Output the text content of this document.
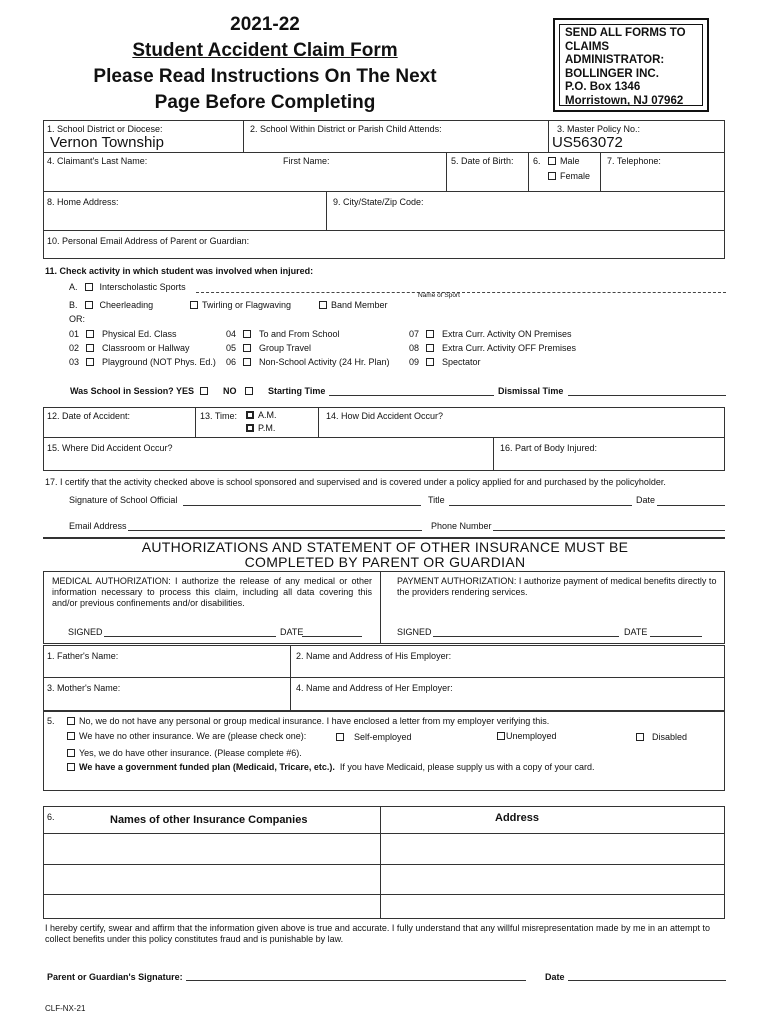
2021-22
Student Accident Claim Form
Please Read Instructions On The Next
Page Before Completing
SEND ALL FORMS TO
CLAIMS
ADMINISTRATOR:
BOLLINGER INC.
P.O. Box 1346
Morristown, NJ 07962
1. School District or Diocese:
Vernon Township
2. School Within District or Parish Child Attends:	3. Master Policy No.:
US563072
4. Claimant's Last Name:	First Name:	5. Date of Birth: 6.	Male
Female
7. Telephone:
8. Home Address:	9. City/State/Zip Code:
10. Personal Email Address of Parent or Guardian:
11. Check activity in which student was involved when injured:
A. Interscholastic Sports
Name of Sport
B. Cheerleading	Twirling or Flagwaving	Band Member
OR:
01	Physical Ed. Class	04	To and From School	07	Extra Curr. Activity ON Premises
02	Classroom or Hallway	05	Group Travel	08	Extra Curr. Activity OFF Premises
03	Playground (NOT Phys. Ed.) 06	Non-School Activity (24 Hr. Plan) 09	Spectator
Was School in Session? YES	NO	Starting Time	Dismissal Time
12. Date of Accident:	13. Time:	A.M.
P.M.
14. How Did Accident Occur?
15. Where Did Accident Occur?	16. Part of Body Injured:
17. I certify that the activity checked above is school sponsored and supervised and is covered under a policy applied for and purchased by the policyholder.
Signature of School Official	Title	Date
Email Address	Phone Number
AUTHORIZATIONS AND STATEMENT OF OTHER INSURANCE MUST BE
COMPLETED BY PARENT OR GUARDIAN
MEDICAL AUTHORIZATION: I authorize the release of any medical or other information necessary to process this claim, including all data covering this and/or previous confinements and/or disabilities.
PAYMENT AUTHORIZATION: I authorize payment of medical benefits directly to the providers rendering services.
SIGNED	DATE	SIGNED	DATE
1. Father's Name:	2. Name and Address of His Employer:
3. Mother's Name:	4. Name and Address of Her Employer:
5.	No, we do not have any personal or group medical insurance. I have enclosed a letter from my employer verifying this.
We have no other insurance. We are (please check one):	Self-employed	Unemployed	Disabled
Yes, we do have other insurance. (Please complete #6).
We have a government funded plan (Medicaid, Tricare, etc.). If you have Medicaid, please supply us with a copy of your card.
6.	Names of other Insurance Companies	Address
I hereby certify, swear and affirm that the information given above is true and accurate. I fully understand that any willful misrepresentation made by me in an attempt to collect benefits under this policy constitutes fraud and is punishable by law.
Parent or Guardian's Signature:	Date
CLF-NX-21
